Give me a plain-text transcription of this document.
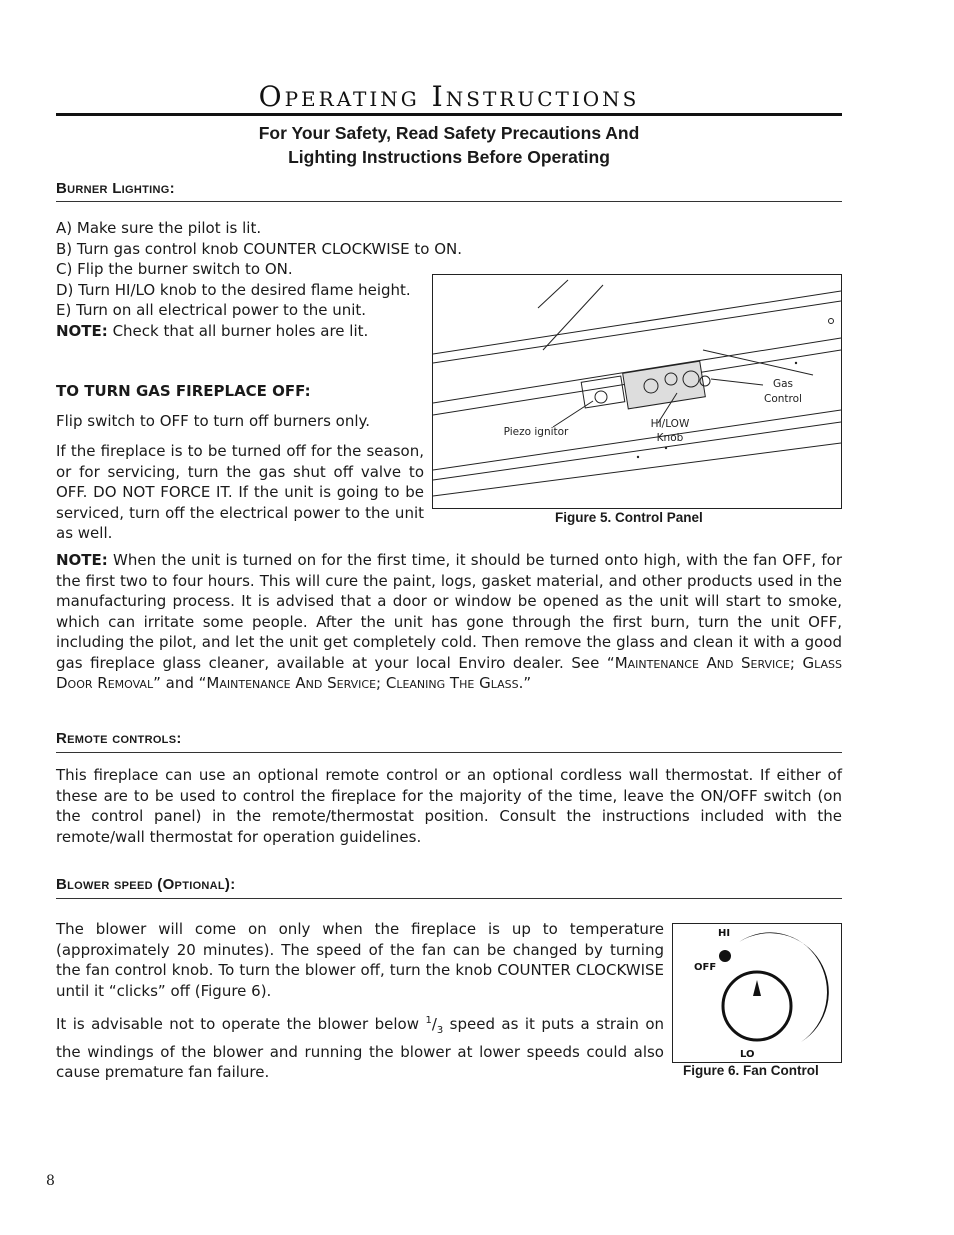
Operating Instructions
For Your Safety, Read Safety Precautions And
Lighting Instructions Before Operating
Burner Lighting:
A) Make sure the pilot is lit.
B) Turn gas control knob COUNTER CLOCKWISE to ON.
C) Flip the burner switch to ON.
D) Turn HI/LO knob to the desired flame height.
E) Turn on all electrical power to the unit.
NOTE: Check that all burner holes are lit.
TO TURN GAS FIREPLACE OFF:
Flip switch to OFF to turn off burners only.
If the fireplace is to be turned off for the season, or for servicing, turn the gas shut off valve to OFF. DO NOT FORCE IT. If the unit is going to be serviced, turn off the electrical power to the unit as well.
Gas
Control
Piezo ignitor
HI/LOW
Knob
Figure 5. Control Panel
NOTE: When the unit is turned on for the first time, it should be turned onto high, with the fan OFF, for the first two to four hours. This will cure the paint, logs, gasket material, and other products used in the manufacturing process. It is advised that a door or window be opened as the unit will start to smoke, which can irritate some people. After the unit has gone through the first burn, turn the unit OFF, including the pilot, and let the unit get completely cold. Then remove the glass and clean it with a good gas fireplace glass cleaner, available at your local Enviro dealer. See “Maintenance And Service; Glass Door Removal” and “Maintenance And Service; Cleaning The Glass.”
Remote controls:
This fireplace can use an optional remote control or an optional cordless wall thermostat. If either of these are to be used to control the fireplace for the majority of the time, leave the ON/OFF switch (on the control panel) in the remote/thermostat position. Consult the instructions included with the remote/wall thermostat for operation guidelines.
Blower speed (Optional):
The blower will come on only when the fireplace is up to temperature (approximately 20 minutes). The speed of the fan can be changed by turning the fan control knob. To turn the blower off, turn the knob COUNTER CLOCKWISE until it “clicks” off (Figure 6).
It is advisable not to operate the blower below $^1/_3$ speed as it puts a strain on the windings of the blower and running the blower at lower speeds could also cause premature fan failure.
HI
OFF
LO
Figure 6. Fan Control
8
